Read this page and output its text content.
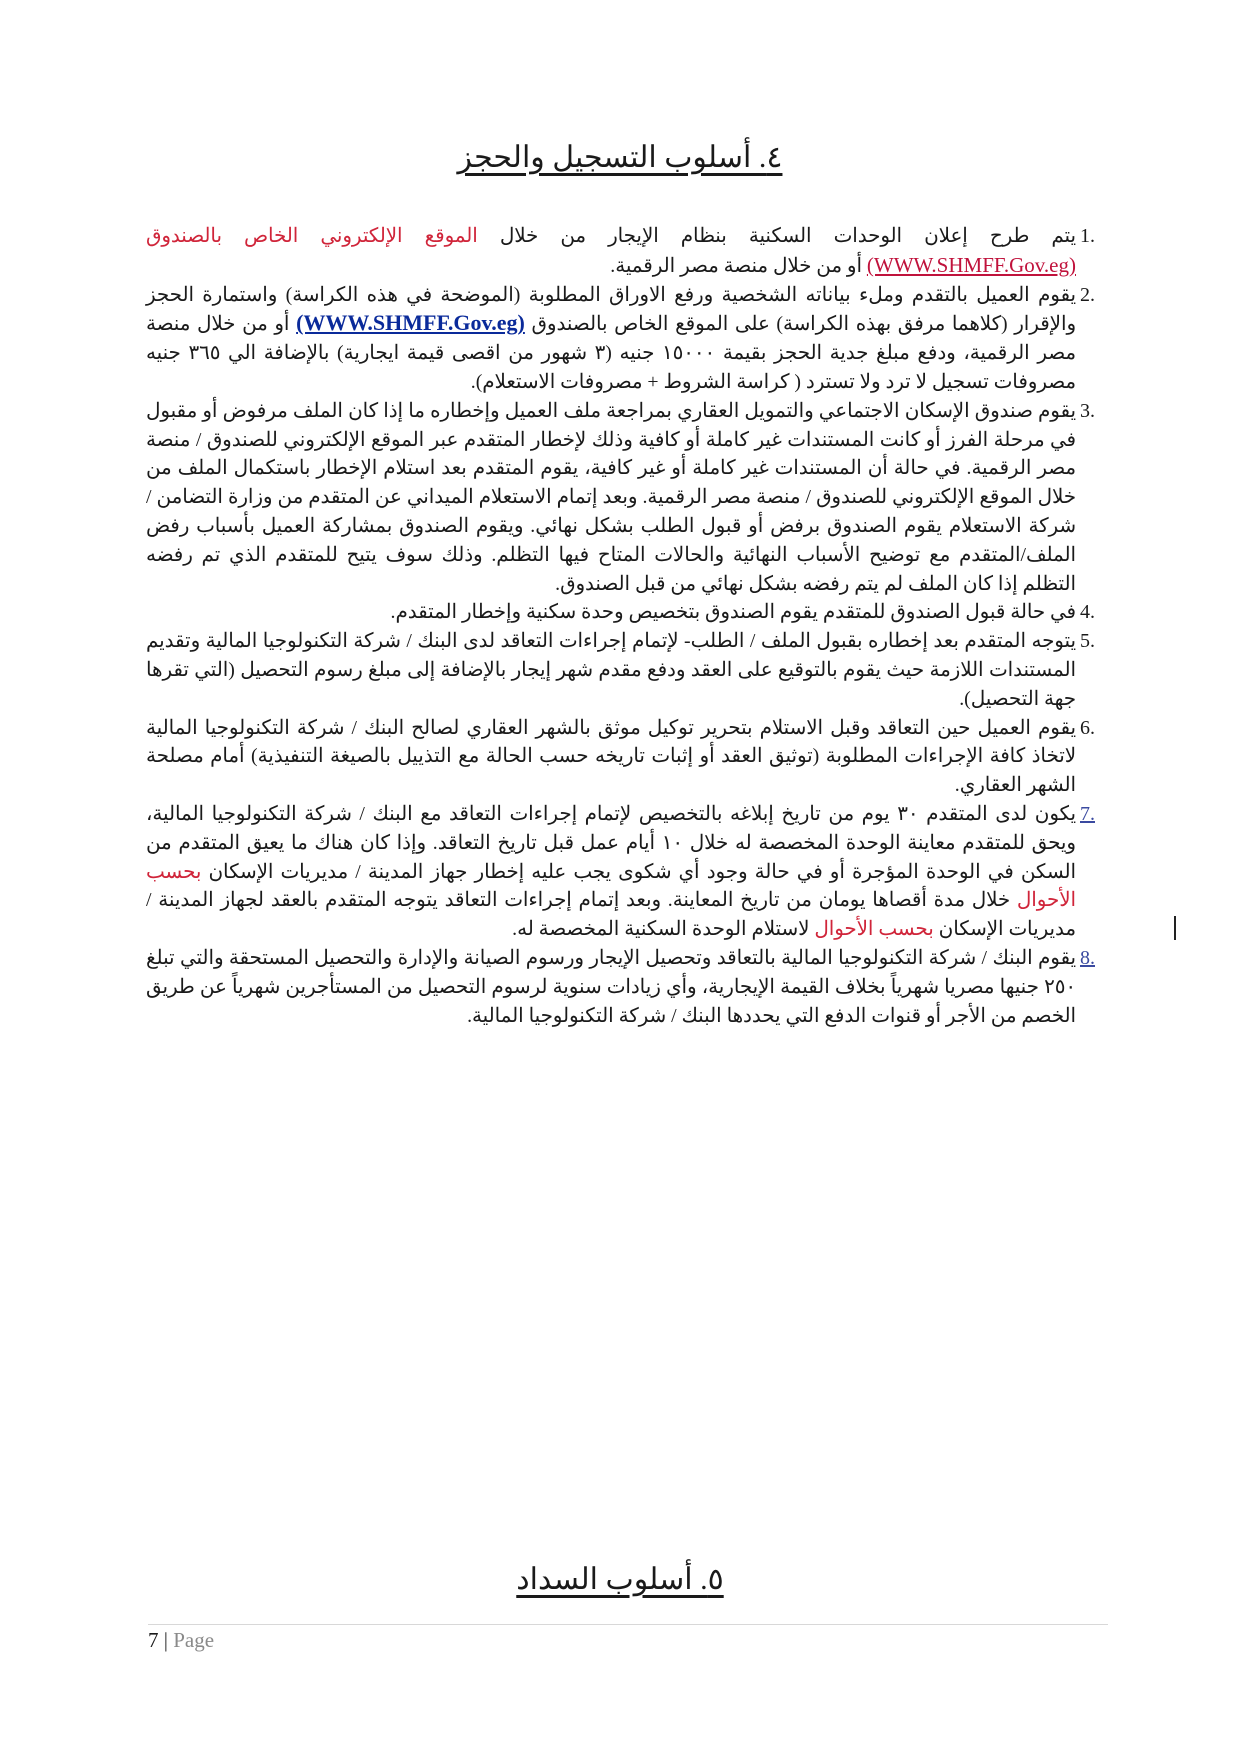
٤. أسلوب التسجيل والحجز
1.
يتم طرح إعلان الوحدات السكنية بنظام الإيجار من خلال الموقع الإلكتروني الخاص بالصندوق (WWW.SHMFF.Gov.eg) أو من خلال منصة مصر الرقمية.
2.
يقوم العميل بالتقدم وملء بياناته الشخصية ورفع الاوراق المطلوبة (الموضحة في هذه الكراسة) واستمارة الحجز والإقرار (كلاهما مرفق بهذه الكراسة) على الموقع الخاص بالصندوق (WWW.SHMFF.Gov.eg) أو من خلال منصة مصر الرقمية، ودفع مبلغ جدية الحجز بقيمة ١٥٠٠٠ جنيه (٣ شهور من اقصى قيمة ايجارية) بالإضافة الي ٣٦٥ جنيه مصروفات تسجيل لا ترد ولا تسترد ( كراسة الشروط + مصروفات الاستعلام).
3.
يقوم صندوق الإسكان الاجتماعي والتمويل العقاري بمراجعة ملف العميل وإخطاره ما إذا كان الملف مرفوض أو مقبول في مرحلة الفرز أو كانت المستندات غير كاملة أو كافية وذلك لإخطار المتقدم عبر الموقع الإلكتروني للصندوق / منصة مصر الرقمية. في حالة أن المستندات غير كاملة أو غير كافية، يقوم المتقدم بعد استلام الإخطار باستكمال الملف من خلال الموقع الإلكتروني للصندوق / منصة مصر الرقمية. وبعد إتمام الاستعلام الميداني عن المتقدم من وزارة التضامن / شركة الاستعلام يقوم الصندوق برفض أو قبول الطلب بشكل نهائي. ويقوم الصندوق بمشاركة العميل بأسباب رفض الملف/المتقدم مع توضيح الأسباب النهائية والحالات المتاح فيها التظلم. وذلك سوف يتيح للمتقدم الذي تم رفضه التظلم إذا كان الملف لم يتم رفضه بشكل نهائي من قبل الصندوق.
4.
في حالة قبول الصندوق للمتقدم يقوم الصندوق بتخصيص وحدة سكنية وإخطار المتقدم.
5.
يتوجه المتقدم بعد إخطاره بقبول الملف / الطلب- لإتمام إجراءات التعاقد لدى البنك / شركة التكنولوجيا المالية وتقديم المستندات اللازمة حيث يقوم بالتوقيع على العقد ودفع مقدم شهر إيجار بالإضافة إلى مبلغ رسوم التحصيل (التي تقرها جهة التحصيل).
6.
يقوم العميل حين التعاقد وقبل الاستلام بتحرير توكيل موثق بالشهر العقاري لصالح البنك / شركة التكنولوجيا المالية لاتخاذ كافة الإجراءات المطلوبة (توثيق العقد أو إثبات تاريخه حسب الحالة مع التذييل بالصيغة التنفيذية) أمام مصلحة الشهر العقاري.
7.
يكون لدى المتقدم ٣٠ يوم من تاريخ إبلاغه بالتخصيص لإتمام إجراءات التعاقد مع البنك / شركة التكنولوجيا المالية، ويحق للمتقدم معاينة الوحدة المخصصة له خلال ١٠ أيام عمل قبل تاريخ التعاقد. وإذا كان هناك ما يعيق المتقدم من السكن في الوحدة المؤجرة أو في حالة وجود أي شكوى يجب عليه إخطار جهاز المدينة / مديريات الإسكان بحسب الأحوال خلال مدة أقصاها يومان من تاريخ المعاينة. وبعد إتمام إجراءات التعاقد يتوجه المتقدم بالعقد لجهاز المدينة / مديريات الإسكان بحسب الأحوال لاستلام الوحدة السكنية المخصصة له.
8.
يقوم البنك / شركة التكنولوجيا المالية بالتعاقد وتحصيل الإيجار ورسوم الصيانة والإدارة والتحصيل المستحقة والتي تبلغ ٢٥٠ جنيها مصريا شهرياً بخلاف القيمة الإيجارية، وأي زيادات سنوية لرسوم التحصيل من المستأجرين شهرياً عن طريق الخصم من الأجر أو قنوات الدفع التي يحددها البنك / شركة التكنولوجيا المالية.
٥. أسلوب السداد
7 | Page
